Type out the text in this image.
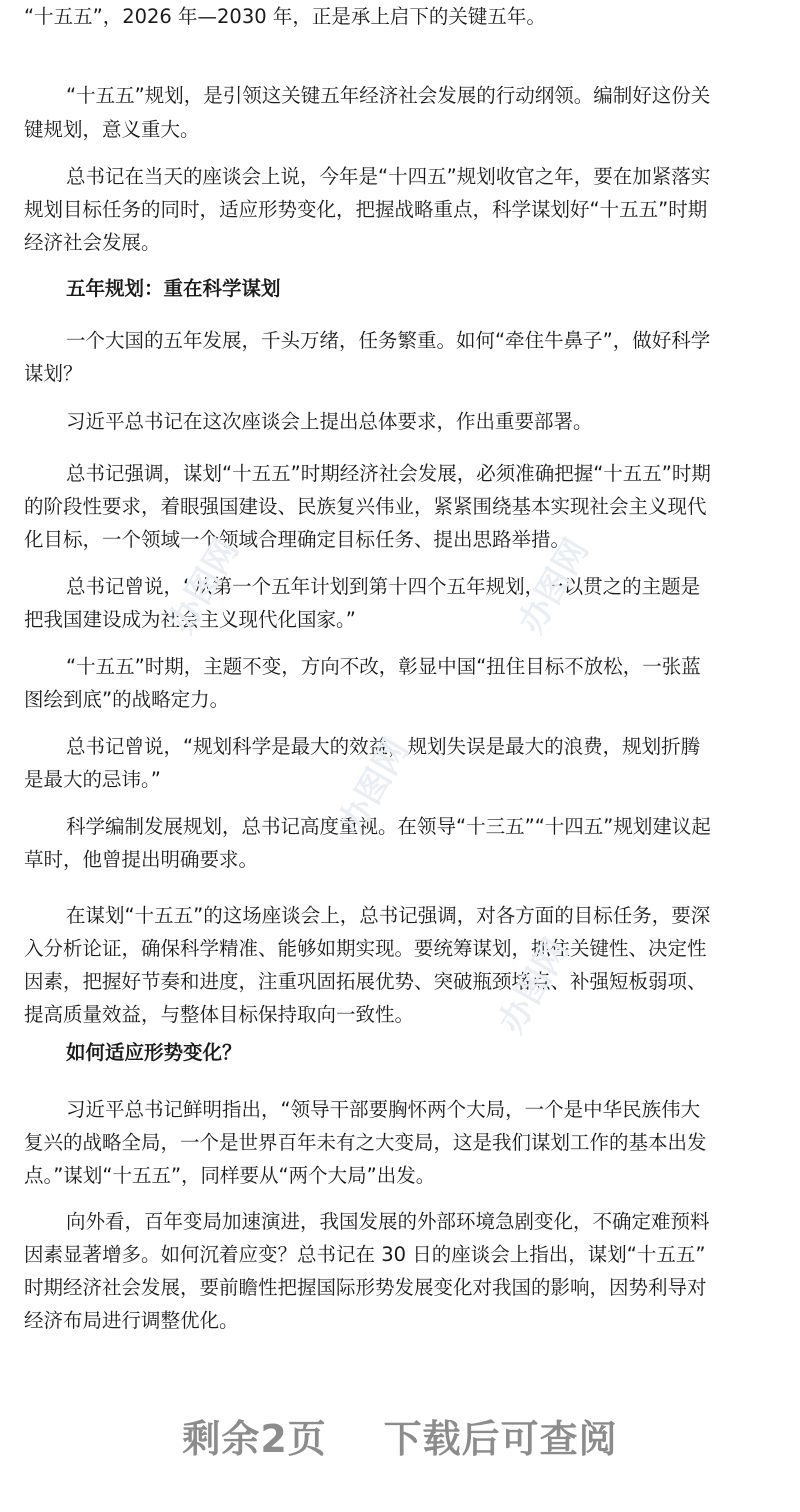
“十五五”，2026 年—2030 年，正是承上启下的关键五年。
“十五五”规划，是引领这关键五年经济社会发展的行动纲领。编制好这份关
键规划，意义重大。
总书记在当天的座谈会上说，今年是“十四五”规划收官之年，要在加紧落实
规划目标任务的同时，适应形势变化，把握战略重点，科学谋划好“十五五”时期
经济社会发展。
五年规划：重在科学谋划
一个大国的五年发展，千头万绪，任务繁重。如何“牵住牛鼻子”，做好科学
谋划？
习近平总书记在这次座谈会上提出总体要求，作出重要部署。
总书记强调，谋划“十五五”时期经济社会发展，必须准确把握“十五五”时期
的阶段性要求，着眼强国建设、民族复兴伟业，紧紧围绕基本实现社会主义现代
化目标，一个领域一个领域合理确定目标任务、提出思路举措。
总书记曾说，“从第一个五年计划到第十四个五年规划，一以贯之的主题是
把我国建设成为社会主义现代化国家。”
“十五五”时期，主题不变，方向不改，彰显中国“扭住目标不放松，一张蓝
图绘到底”的战略定力。
总书记曾说，“规划科学是最大的效益，规划失误是最大的浪费，规划折腾
是最大的忌讳。”
科学编制发展规划，总书记高度重视。在领导“十三五”“十四五”规划建议起
草时，他曾提出明确要求。
在谋划“十五五”的这场座谈会上，总书记强调，对各方面的目标任务，要深
入分析论证，确保科学精准、能够如期实现。要统筹谋划，抓住关键性、决定性
因素，把握好节奏和进度，注重巩固拓展优势、突破瓶颈堵点、补强短板弱项、
提高质量效益，与整体目标保持取向一致性。
如何适应形势变化？
习近平总书记鲜明指出，“领导干部要胸怀两个大局，一个是中华民族伟大
复兴的战略全局，一个是世界百年未有之大变局，这是我们谋划工作的基本出发
点。”谋划“十五五”，同样要从“两个大局”出发。
向外看，百年变局加速演进，我国发展的外部环境急剧变化，不确定难预料
因素显著增多。如何沉着应变？总书记在 30 日的座谈会上指出，谋划“十五五”
时期经济社会发展，要前瞻性把握国际形势发展变化对我国的影响，因势利导对
经济布局进行调整优化。
办图网	办图网
办图网
办图网
剩余2页    下载后可查阅
